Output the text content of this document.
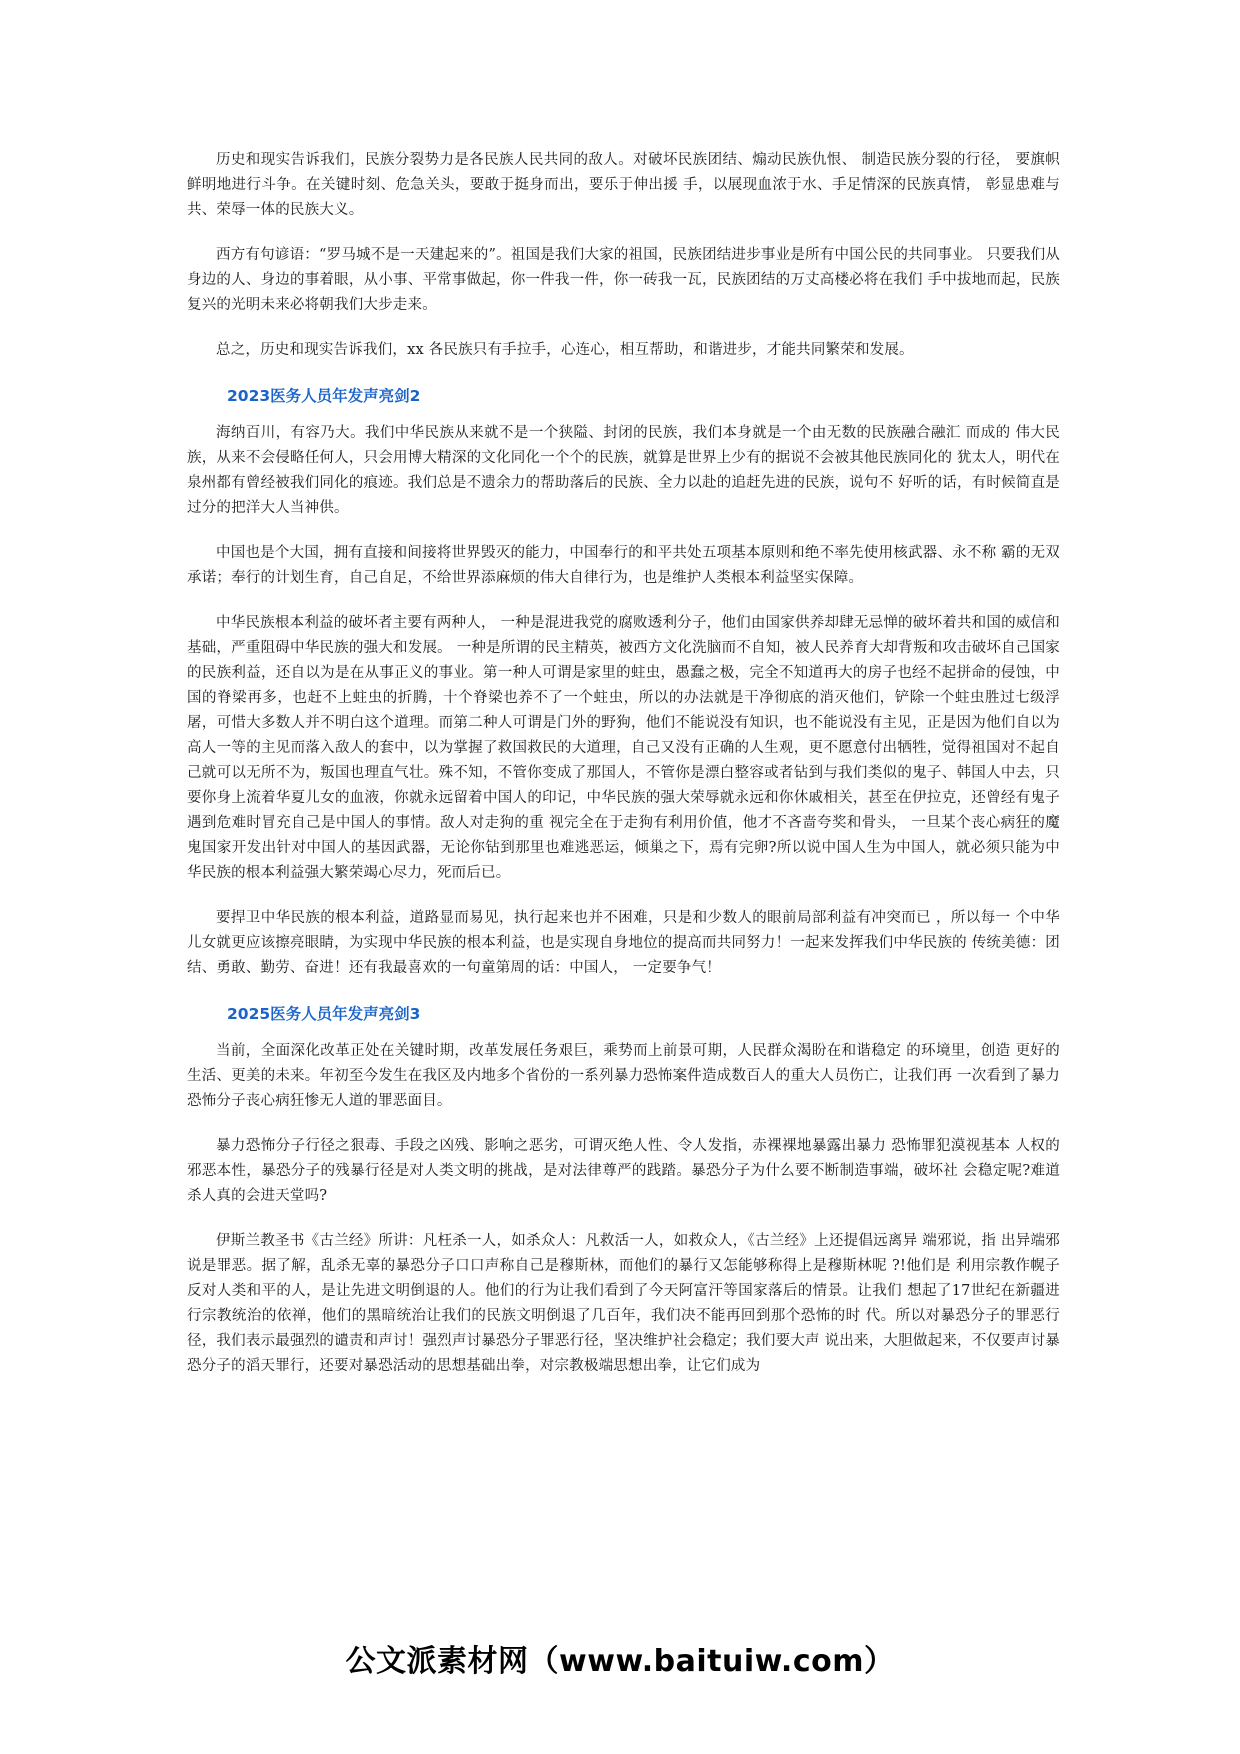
历史和现实告诉我们，民族分裂势力是各民族人民共同的敌人。对破坏民族团结、煽动民族仇恨、 制造民族分裂的行径， 要旗帜鲜明地进行斗争。在关键时刻、危急关头，要敢于挺身而出，要乐于伸出援 手，以展现血浓于水、手足情深的民族真情， 彰显患难与共、荣辱一体的民族大义。

西方有句谚语：“罗马城不是一天建起来的”。祖国是我们大家的祖国，民族团结进步事业是所有中国公民的共同事业。 只要我们从身边的人、身边的事着眼，从小事、平常事做起，你一件我一件，你一砖我一瓦，民族团结的万丈高楼必将在我们 手中拔地而起，民族复兴的光明未来必将朝我们大步走来。

总之，历史和现实告诉我们，xx 各民族只有手拉手，心连心，相互帮助，和谐进步，才能共同繁荣和发展。

2023医务人员年发声亮剑2

海纳百川，有容乃大。我们中华民族从来就不是一个狭隘、封闭的民族，我们本身就是一个由无数的民族融合融汇 而成的 伟大民族，从来不会侵略任何人，只会用博大精深的文化同化一个个的民族，就算是世界上少有的据说不会被其他民族同化的 犹太人，明代在泉州都有曾经被我们同化的痕迹。我们总是不遗余力的帮助落后的民族、全力以赴的追赶先进的民族，说句不 好听的话，有时候简直是过分的把洋大人当神供。

中国也是个大国，拥有直接和间接将世界毁灭的能力，中国奉行的和平共处五项基本原则和绝不率先使用核武器、永不称 霸的无双承诺；奉行的计划生育，自己自足，不给世界添麻烦的伟大自律行为，也是维护人类根本利益坚实保障。

中华民族根本利益的破坏者主要有两种人， 一种是混进我党的腐败透利分子，他们由国家供养却肆无忌惮的破坏着共和国的威信和基础，严重阻碍中华民族的强大和发展。 一种是所谓的民主精英，被西方文化洗脑而不自知，被人民养育大却背叛和攻击破坏自己国家的民族利益，还自以为是在从事正义的事业。第一种人可谓是家里的蛀虫，愚蠢之极，完全不知道再大的房子也经不起拼命的侵蚀，中国的脊梁再多，也赶不上蛀虫的折腾，十个脊梁也养不了一个蛀虫，所以的办法就是干净彻底的消灭他们，铲除一个蛀虫胜过七级浮屠，可惜大多数人并不明白这个道理。而第二种人可谓是门外的野狗，他们不能说没有知识，也不能说没有主见，正是因为他们自以为高人一等的主见而落入敌人的套中，以为掌握了救国救民的大道理，自己又没有正确的人生观，更不愿意付出牺牲，觉得祖国对不起自己就可以无所不为，叛国也理直气壮。殊不知，不管你变成了那国人，不管你是漂白整容或者钻到与我们类似的鬼子、韩国人中去，只要你身上流着华夏儿女的血液，你就永远留着中国人的印记，中华民族的强大荣辱就永远和你休戚相关，甚至在伊拉克，还曾经有鬼子遇到危难时冒充自己是中国人的事情。敌人对走狗的重 视完全在于走狗有利用价值，他才不吝啬夸奖和骨头， 一旦某个丧心病狂的魔鬼国家开发出针对中国人的基因武器，无论你钻到那里也难逃恶运，倾巢之下，焉有完卵?所以说中国人生为中国人，就必须只能为中华民族的根本利益强大繁荣竭心尽力，死而后已。

要捍卫中华民族的根本利益，道路显而易见，执行起来也并不困难，只是和少数人的眼前局部利益有冲突而已 ，所以每一 个中华儿女就更应该擦亮眼睛，为实现中华民族的根本利益，也是实现自身地位的提高而共同努力！一起来发挥我们中华民族的 传统美德：团结、勇敢、勤劳、奋进！还有我最喜欢的一句童第周的话：中国人， 一定要争气！

2025医务人员年发声亮剑3

当前，全面深化改革正处在关键时期，改革发展任务艰巨，乘势而上前景可期，人民群众渴盼在和谐稳定 的环境里，创造 更好的生活、更美的未来。年初至今发生在我区及内地多个省份的一系列暴力恐怖案件造成数百人的重大人员伤亡，让我们再 一次看到了暴力恐怖分子丧心病狂惨无人道的罪恶面目。

暴力恐怖分子行径之狠毒、手段之凶残、影响之恶劣，可谓灭绝人性、令人发指，赤裸裸地暴露出暴力 恐怖罪犯漠视基本 人权的邪恶本性，暴恐分子的残暴行径是对人类文明的挑战，是对法律尊严的践踏。暴恐分子为什么要不断制造事端，破坏社 会稳定呢?难道杀人真的会进天堂吗?

伊斯兰教圣书《古兰经》所讲：凡枉杀一人，如杀众人：凡救活一人，如救众人，《古兰经》上还提倡远离异 端邪说，指 出异端邪说是罪恶。据了解，乱杀无辜的暴恐分子口口声称自己是穆斯林，而他们的暴行又怎能够称得上是穆斯林呢 ?!他们是 利用宗教作幌子反对人类和平的人，是让先进文明倒退的人。他们的行为让我们看到了今天阿富汗等国家落后的情景。让我们 想起了17世纪在新疆进行宗教统治的依禅，他们的黑暗统治让我们的民族文明倒退了几百年，我们决不能再回到那个恐怖的时 代。所以对暴恐分子的罪恶行径，我们表示最强烈的谴责和声讨！强烈声讨暴恐分子罪恶行径，坚决维护社会稳定；我们要大声 说出来，大胆做起来，不仅要声讨暴恐分子的滔天罪行，还要对暴恐活动的思想基础出拳，对宗教极端思想出拳，让它们成为

公文派素材网（www.baituiw.com）
